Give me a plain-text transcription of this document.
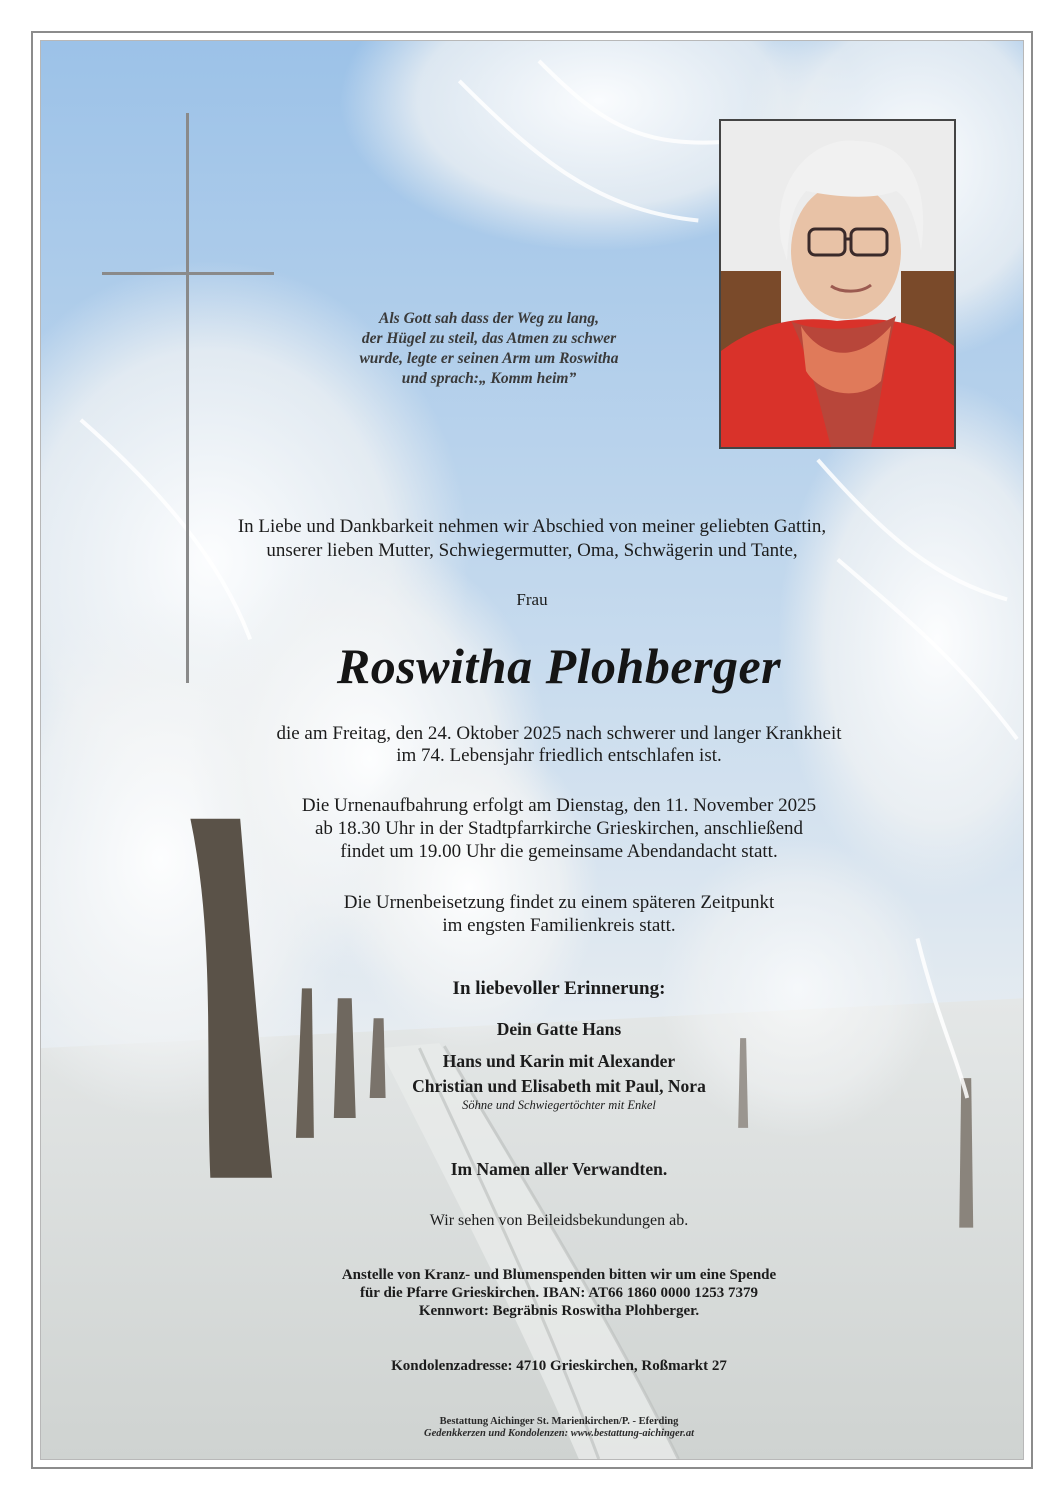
Als Gott sah dass der Weg zu lang,
der Hügel zu steil, das Atmen zu schwer
wurde, legte er seinen Arm um Roswitha
und sprach:„ Komm heim”
In Liebe und Dankbarkeit nehmen wir Abschied von meiner geliebten Gattin,
unserer lieben Mutter, Schwiegermutter, Oma, Schwägerin und Tante,
Frau
Roswitha Plohberger
die am Freitag, den 24. Oktober 2025 nach schwerer und langer Krankheit
im 74. Lebensjahr friedlich entschlafen ist.
Die Urnenaufbahrung erfolgt am Dienstag, den 11. November 2025
ab 18.30 Uhr in der Stadtpfarrkirche Grieskirchen, anschließend
findet um 19.00 Uhr die gemeinsame Abendandacht statt.
Die Urnenbeisetzung findet zu einem späteren Zeitpunkt
im engsten Familienkreis statt.
In liebevoller Erinnerung:
Dein Gatte Hans
Hans und Karin mit Alexander
Christian und Elisabeth mit Paul, Nora
Söhne und Schwiegertöchter mit Enkel
Im Namen aller Verwandten.
Wir sehen von Beileidsbekundungen ab.
Anstelle von Kranz- und Blumenspenden bitten wir um eine Spende
für die Pfarre Grieskirchen. IBAN: AT66 1860 0000 1253 7379
Kennwort: Begräbnis Roswitha Plohberger.
Kondolenzadresse: 4710 Grieskirchen, Roßmarkt 27
Bestattung Aichinger St. Marienkirchen/P. - Eferding
Gedenkkerzen und Kondolenzen: www.bestattung-aichinger.at
